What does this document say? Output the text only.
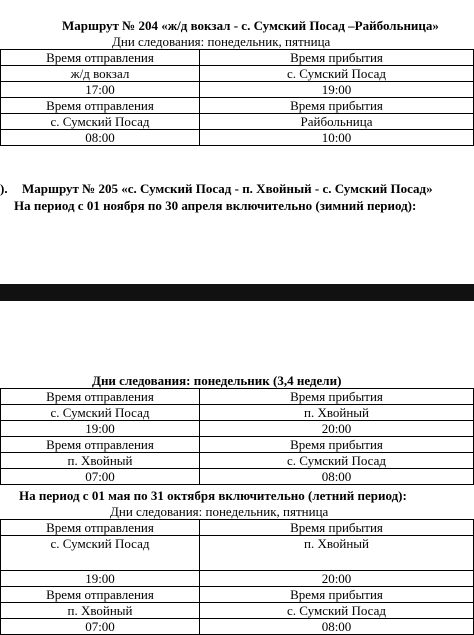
Маршрут № 204 «ж/д вокзал - с. Сумский Посад –Райбольница»
Дни следования: понедельник, пятница
Время отправления	Время прибытия
ж/д вокзал	с. Сумский Посад
17:00	19:00
Время отправления	Время прибытия
с. Сумский Посад	Райбольница
08:00	10:00
). Маршрут № 205 «с. Сумский Посад - п. Хвойный - с. Сумский Посад»
На период с 01 ноября по 30 апреля включительно (зимний период):
Дни следования: понедельник (3,4 недели)
Время отправления	Время прибытия
с. Сумский Посад	п. Хвойный
19:00	20:00
Время отправления	Время прибытия
п. Хвойный	с. Сумский Посад
07:00	08:00
На период с 01 мая по 31 октября включительно (летний период):
Дни следования: понедельник, пятница
Время отправления	Время прибытия
с. Сумский Посад	п. Хвойный
19:00	20:00
Время отправления	Время прибытия
п. Хвойный	с. Сумский Посад
07:00	08:00
